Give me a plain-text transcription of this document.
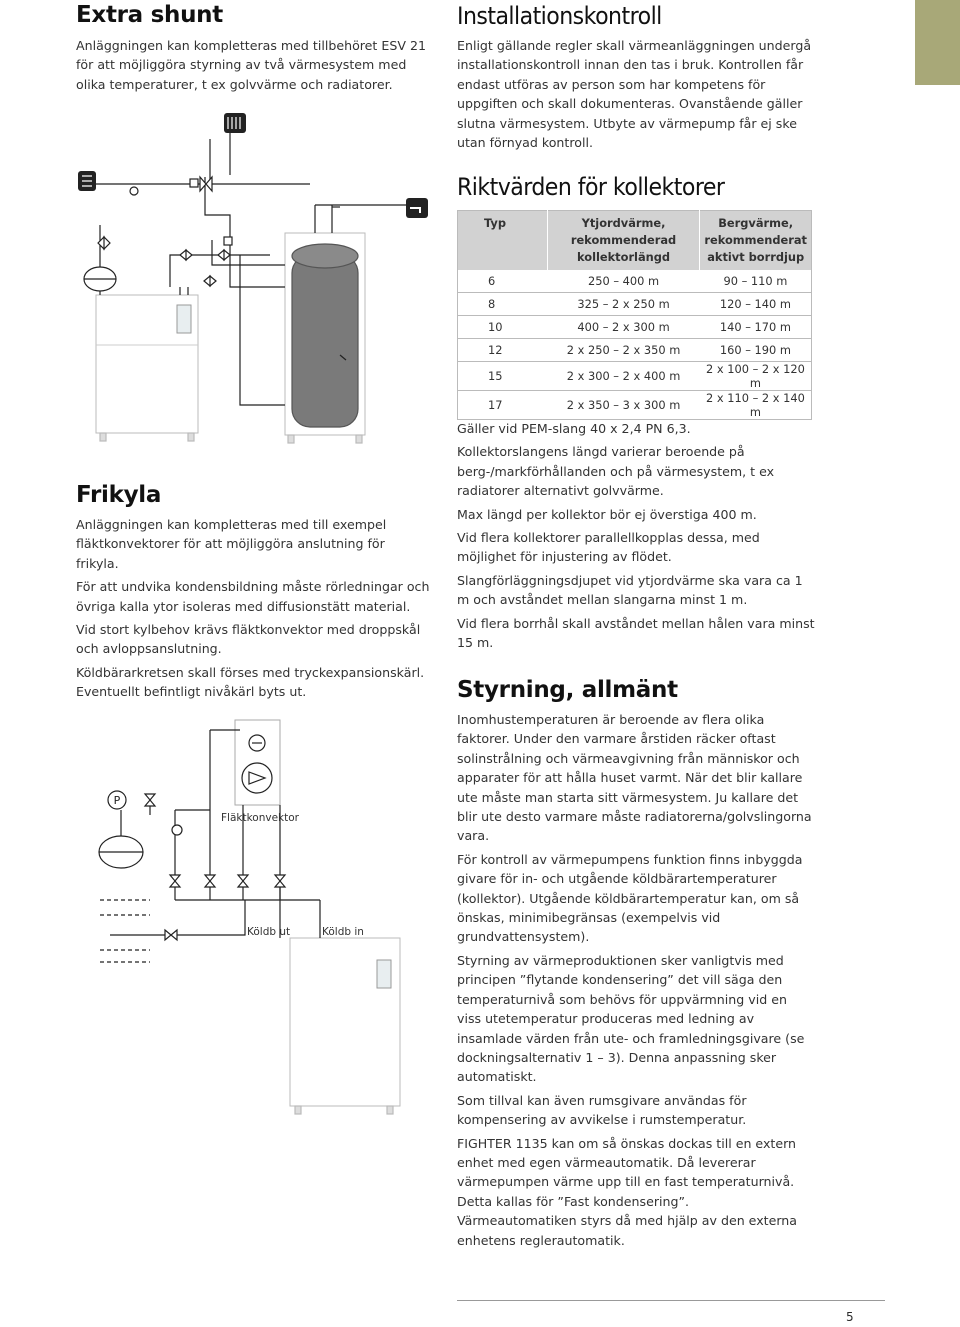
Extra shunt

Anläggningen kan kompletteras med tillbehöret ESV 21 för att möjliggöra styrning av två värmesystem med olika temperaturer, t ex golvvärme och radiatorer.

Installationskontroll

Enligt gällande regler skall värmeanläggningen undergå installationskontroll innan den tas i bruk. Kontrollen får endast utföras av person som har kompetens för uppgiften och skall dokumenteras. Ovanstående gäller slutna värmesystem. Utbyte av värmepump får ej ske utan förnyad kontroll.

Riktvärden för kollektorer
Typ	Ytjordvärme, rekommenderad kollektorlängd	Bergvärme, rekommenderat aktivt borrdjup
6	250 – 400 m	90 – 110 m
8	325 – 2 x 250 m	120 – 140 m
10	400 – 2 x 300 m	140 – 170 m
12	2 x 250 – 2 x 350 m	160 – 190 m
15	2 x 300 – 2 x 400 m	2 x 100 – 2 x 120 m
17	2 x 350 – 3 x 300 m	2 x 110 – 2 x 140 m

Gäller vid PEM-slang 40 x 2,4 PN 6,3.

Kollektorslangens längd varierar beroende på berg-/markförhållanden och på värmesystem, t ex radiatorer alternativt golvvärme.

Max längd per kollektor bör ej överstiga 400 m.

Vid flera kollektorer parallellkopplas dessa, med möjlighet för injustering av flödet.

Slangförläggningsdjupet vid ytjordvärme ska vara ca 1 m och avståndet mellan slangarna minst 1 m.

Vid flera borrhål skall avståndet mellan hålen vara minst 15 m.

Styrning, allmänt

Inomhustemperaturen är beroende av flera olika faktorer. Under den varmare årstiden räcker oftast solinstrålning och värmeavgivning från människor och apparater för att hålla huset varmt. När det blir kallare ute måste man starta sitt värmesystem. Ju kallare det blir ute desto varmare måste radiatorerna/golvslingorna vara.

För kontroll av värmepumpens funktion finns inbyggda givare för in- och utgående köldbärartemperaturer (kollektor). Utgående köldbärartemperatur kan, om så önskas, minimibegränsas (exempelvis vid grundvattensystem).

Styrning av värmeproduktionen sker vanligtvis med principen ”flytande kondensering” det vill säga den temperaturnivå som behövs för uppvärmning vid en viss utetemperatur produceras med ledning av insamlade värden från ute- och framledningsgivare (se dockningsalternativ 1 – 3). Denna anpassning sker automatiskt.

Som tillval kan även rumsgivare användas för kompensering av avvikelse i rumstemperatur.

FIGHTER 1135 kan om så önskas dockas till en extern enhet med egen värmeautomatik. Då levererar värmepumpen värme upp till en fast temperaturnivå. Detta kallas för ”Fast kondensering”. Värmeautomatiken styrs då med hjälp av den externa enhetens reglerautomatik.

Frikyla

Anläggningen kan kompletteras med till exempel fläktkonvektorer för att möjliggöra anslutning för frikyla.

För att undvika kondensbildning måste rörledningar och övriga kalla ytor isoleras med diffusionstätt material.

Vid stort kylbehov krävs fläktkonvektor med droppskål och avloppsanslutning.

Köldbärarkretsen skall förses med tryckexpansionskärl. Eventuellt befintligt nivåkärl byts ut.

P
Fläktkonvektor
Köldb ut	Köldb in
5
